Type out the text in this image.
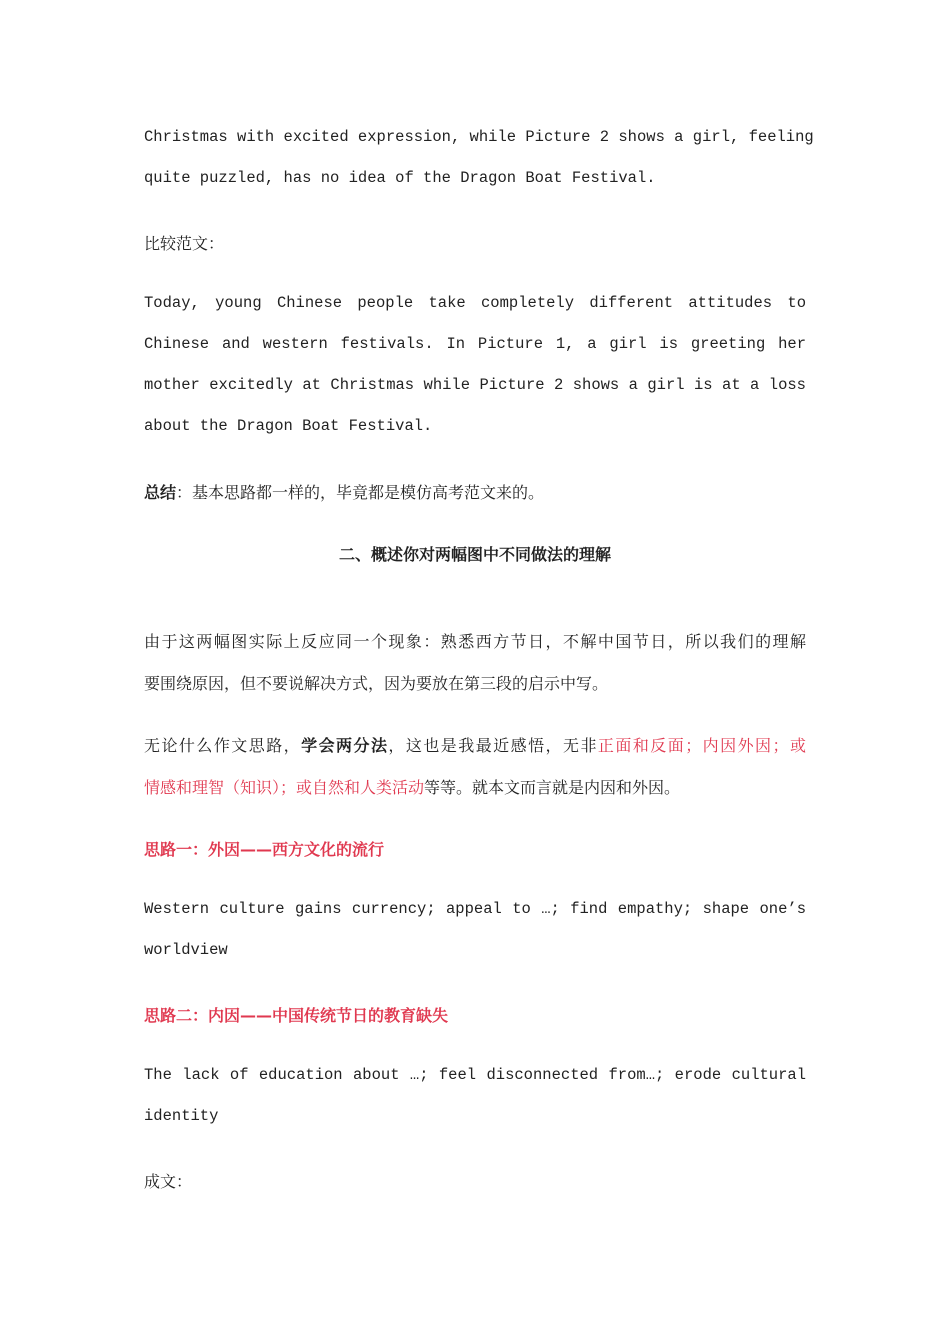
Christmas with excited expression, while Picture 2 shows a girl, feeling

quite puzzled, has no idea of the Dragon Boat Festival.

比较范文：

Today, young Chinese people take completely different attitudes to

Chinese and western festivals. In Picture 1, a girl is greeting her

mother excitedly at Christmas while Picture 2 shows a girl is at a loss

about the Dragon Boat Festival.

总结：基本思路都一样的，毕竟都是模仿高考范文来的。

二、概述你对两幅图中不同做法的理解

由于这两幅图实际上反应同一个现象：熟悉西方节日，不解中国节日，所以我们的理解

要围绕原因，但不要说解决方式，因为要放在第三段的启示中写。

无论什么作文思路，学会两分法，这也是我最近感悟，无非正面和反面；内因外因；或

情感和理智（知识）；或自然和人类活动等等。就本文而言就是内因和外因。

思路一：外因——西方文化的流行

Western culture gains currency; appeal to …; find empathy; shape one’s

worldview

思路二：内因——中国传统节日的教育缺失

The lack of education about …; feel disconnected from…; erode cultural

identity

成文：
